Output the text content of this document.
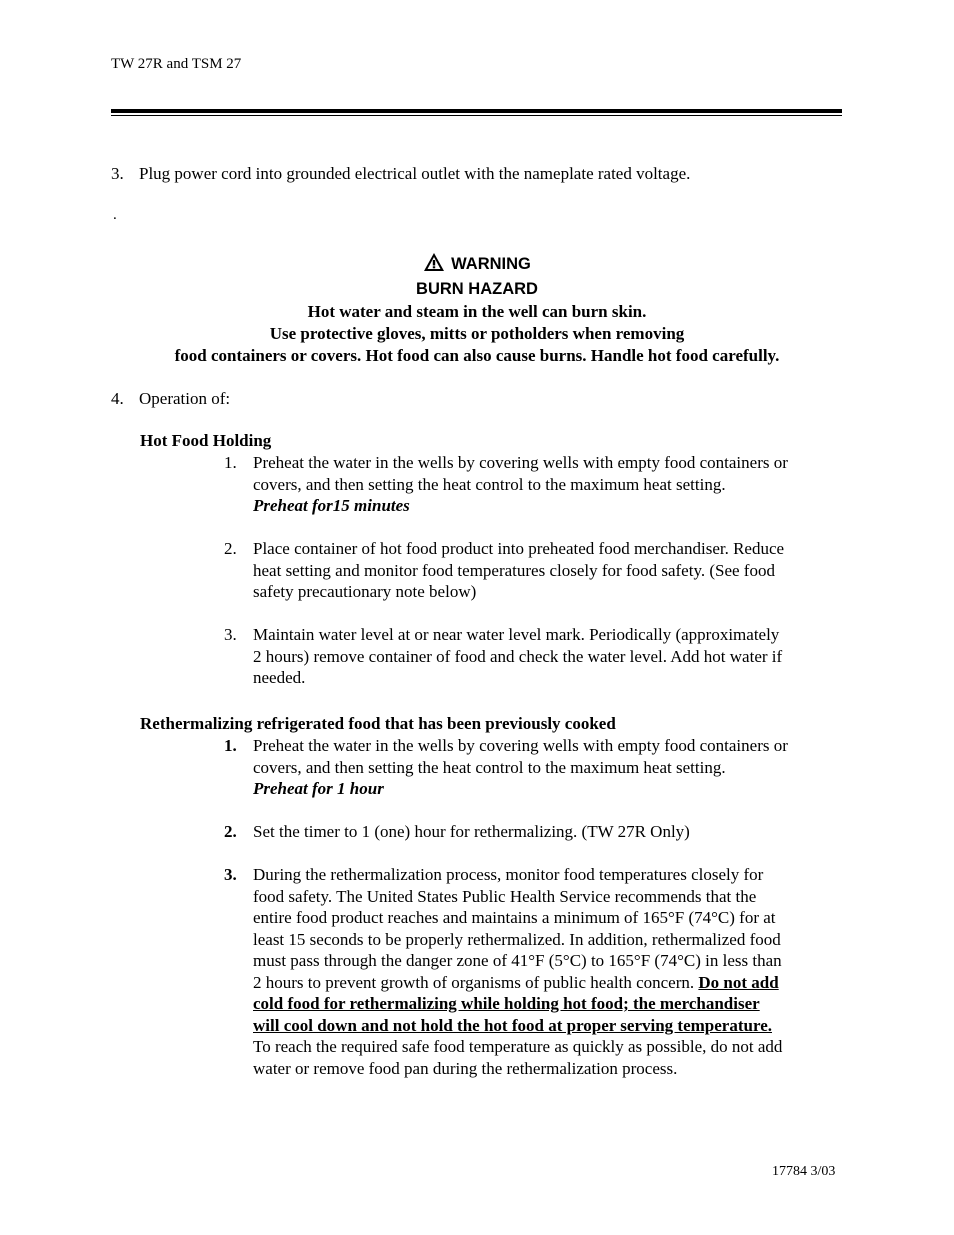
TW 27R and TSM 27
3. Plug power cord into grounded electrical outlet with the nameplate rated voltage.
.
WARNING
BURN HAZARD
Hot water and steam in the well can burn skin.
Use protective gloves, mitts or potholders when removing
food containers or covers. Hot food can also cause burns. Handle hot food carefully.
4. Operation of:
Hot Food Holding
1. Preheat the water in the wells by covering wells with empty food containers or
covers, and then setting the heat control to the maximum heat setting.
Preheat for15 minutes
2. Place container of hot food product into preheated food merchandiser. Reduce
heat setting and monitor food temperatures closely for food safety. (See food
safety precautionary note below)
3. Maintain water level at or near water level mark. Periodically (approximately
2 hours) remove container of food and check the water level. Add hot water if
needed.
Rethermalizing refrigerated food that has been previously cooked
1. Preheat the water in the wells by covering wells with empty food containers or
covers, and then setting the heat control to the maximum heat setting.
Preheat for 1 hour
2. Set the timer to 1 (one) hour for rethermalizing. (TW 27R Only)
3. During the rethermalization process, monitor food temperatures closely for
food safety. The United States Public Health Service recommends that the
entire food product reaches and maintains a minimum of 165°F (74°C) for at
least 15 seconds to be properly rethermalized. In addition, rethermalized food
must pass through the danger zone of 41°F (5°C) to 165°F (74°C) in less than
2 hours to prevent growth of organisms of public health concern. Do not add
cold food for rethermalizing while holding hot food; the merchandiser
will cool down and not hold the hot food at proper serving temperature.
To reach the required safe food temperature as quickly as possible, do not add
water or remove food pan during the rethermalization process.
17784 3/03
